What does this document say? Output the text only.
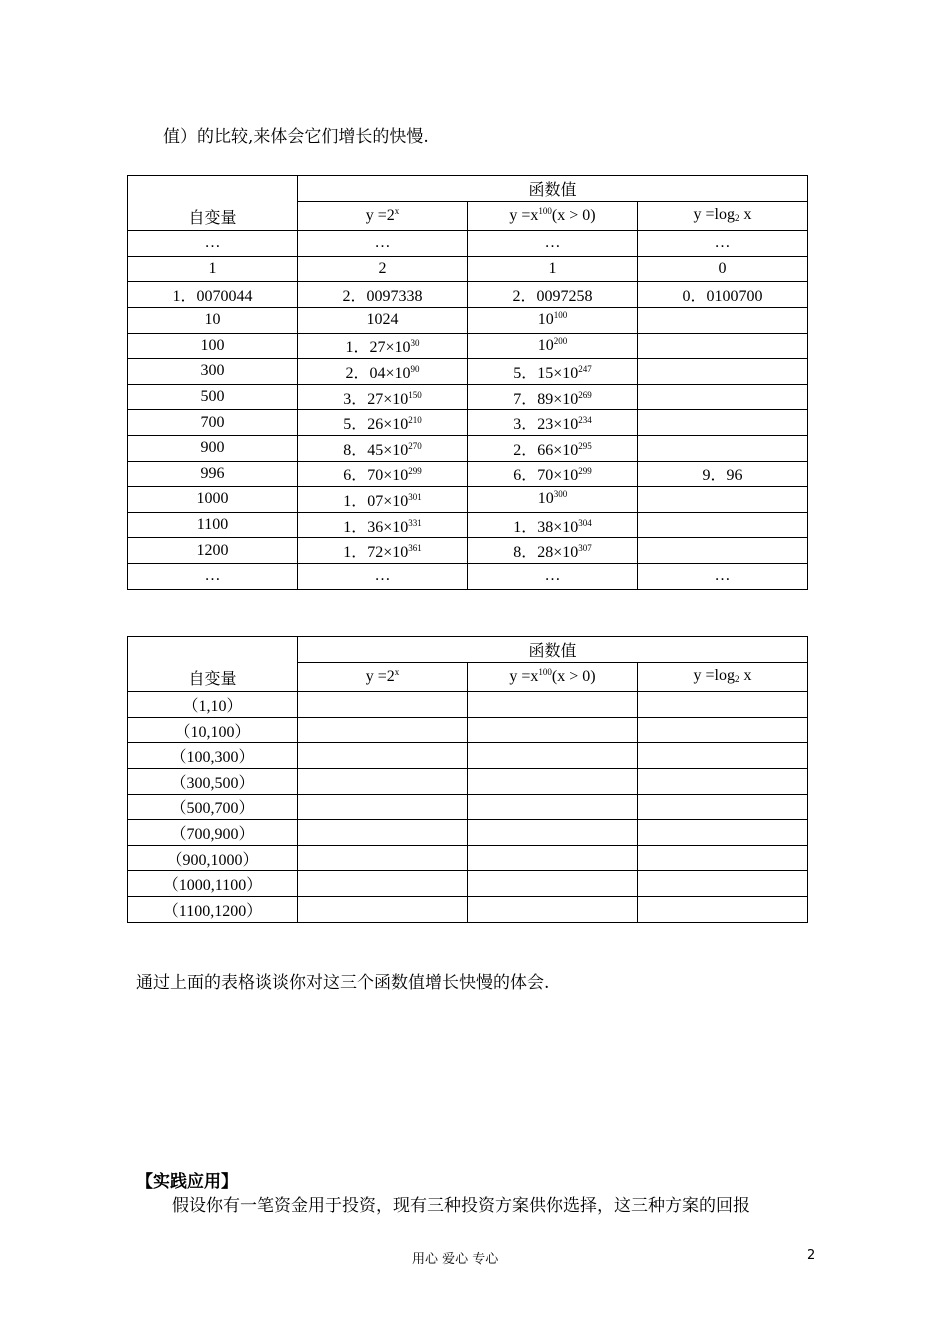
值）的比较,来体会它们增长的快慢.
自变量	函数值		
	$y =2^x$	$y =x^{100}(x > 0)$	$y =\log_2$ x
…	…	…	…
1	2	1	0
1．0070044	2．0097338	2．0097258	0．0100700
10	1024	$10^{100}$	
100	1．$27\times 10^{30}$	$10^{200}$	
300	2．$04\times 10^{90}$	5．$15\times 10^{247}$	
500	3．$27\times 10^{150}$	7．$89\times 10^{269}$	
700	5．$26\times 10^{210}$	3．$23\times 10^{234}$	
900	8．$45\times 10^{270}$	2．$66\times 10^{295}$	
996	6．$70\times 10^{299}$	6．$70\times 10^{299}$	9．96
1000	1．$07\times 10^{301}$	$10^{300}$	
1100	1．$36\times 10^{331}$	1．$38\times 10^{304}$	
1200	1．$72\times 10^{361}$	8．$28\times 10^{307}$	
…	…	…	…
自变量	函数值		
	$y =2^x$	$y =x^{100}(x > 0)$	$y =\log_2$ x
（1,10）			
（10,100）			
（100,300）			
（300,500）			
（500,700）			
（700,900）			
（900,1000）			
（1000,1100）			
（1100,1200）			
通过上面的表格谈谈你对这三个函数值增长快慢的体会.
【实践应用】
假设你有一笔资金用于投资，现有三种投资方案供你选择，这三种方案的回报
用心 爱心 专心	2
